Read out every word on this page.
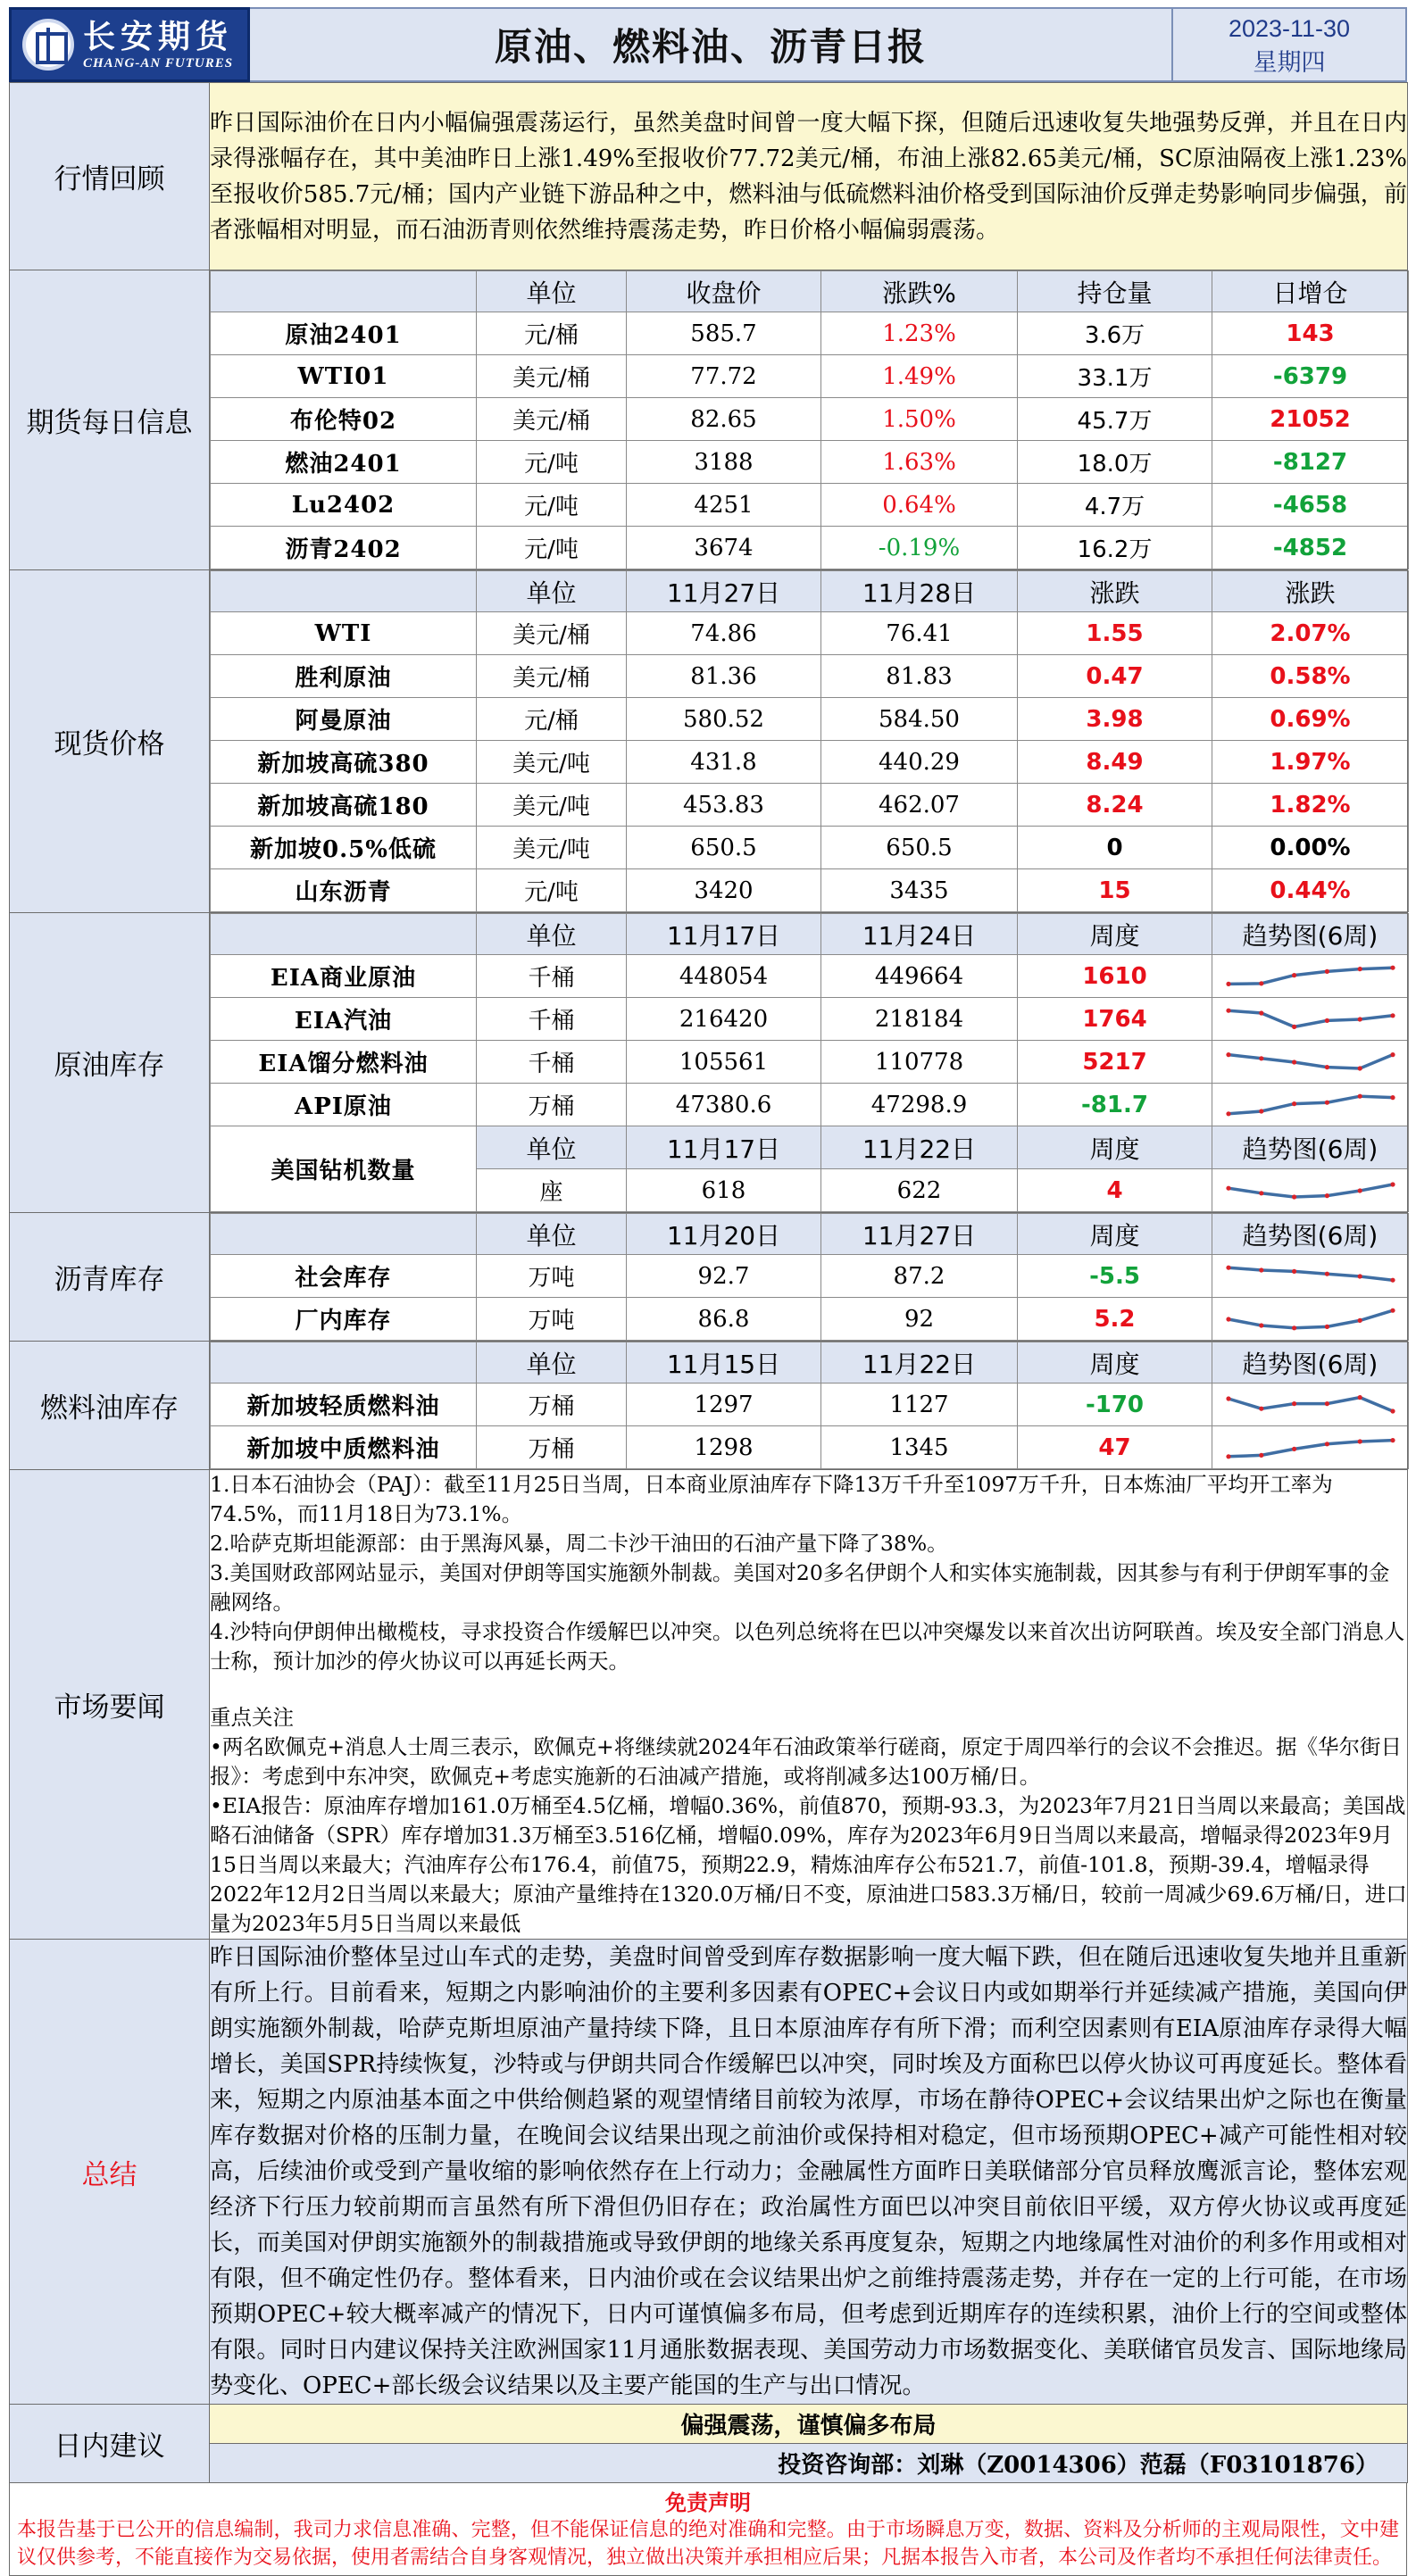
长安期货
CHANG-AN FUTURES	原油、燃料油、沥青日报	2023-11-30
星期四
行情回顾	昨日国际油价在日内小幅偏强震荡运行，虽然美盘时间曾一度大幅下探，但随后迅速收复失地强势反弹，并且在日内录得涨幅存在，其中美油昨日上涨1.49%至报收价77.72美元/桶，布油上涨82.65美元/桶，SC原油隔夜上涨1.23%至报收价585.7元/桶；国内产业链下游品种之中，燃料油与低硫燃料油价格受到国际油价反弹走势影响同步偏强，前者涨幅相对明显，而石油沥青则依然维持震荡走势，昨日价格小幅偏弱震荡。
期货每日信息	
	单位	收盘价	涨跌%	持仓量	日增仓
原油2401	元/桶	585.7	1.23%	3.6万	143
WTI01	美元/桶	77.72	1.49%	33.1万	-6379
布伦特02	美元/桶	82.65	1.50%	45.7万	21052
燃油2401	元/吨	3188	1.63%	18.0万	-8127
Lu2402	元/吨	4251	0.64%	4.7万	-4658
沥青2402	元/吨	3674	-0.19%	16.2万	-4852

现货价格	
	单位	11月27日	11月28日	涨跌	涨跌
WTI	美元/桶	74.86	76.41	1.55	2.07%
胜利原油	美元/桶	81.36	81.83	0.47	0.58%
阿曼原油	元/桶	580.52	584.50	3.98	0.69%
新加坡高硫380	美元/吨	431.8	440.29	8.49	1.97%
新加坡高硫180	美元/吨	453.83	462.07	8.24	1.82%
新加坡0.5%低硫	美元/吨	650.5	650.5	0	0.00%
山东沥青	元/吨	3420	3435	15	0.44%

原油库存	
	单位	11月17日	11月24日	周度	趋势图(6周)
EIA商业原油	千桶	448054	449664	1610	

EIA汽油	千桶	216420	218184	1764	

EIA馏分燃料油	千桶	105561	110778	5217	

API原油	万桶	47380.6	47298.9	-81.7	

美国钻机数量	单位	11月17日	11月22日	周度	趋势图(6周)
座	618	622	4	

沥青库存	
	单位	11月20日	11月27日	周度	趋势图(6周)
社会库存	万吨	92.7	87.2	-5.5	

厂内库存	万吨	86.8	92	5.2	

燃料油库存	
	单位	11月15日	11月22日	周度	趋势图(6周)
新加坡轻质燃料油	万桶	1297	1127	-170	

新加坡中质燃料油	万桶	1298	1345	47	

市场要闻	

1.日本石油协会（PAJ）：截至11月25日当周，日本商业原油库存下降13万千升至1097万千升，日本炼油厂平均开工率为74.5%，而11月18日为73.1%。

2.哈萨克斯坦能源部：由于黑海风暴，周二卡沙干油田的石油产量下降了38%。

3.美国财政部网站显示，美国对伊朗等国实施额外制裁。美国对20多名伊朗个人和实体实施制裁，因其参与有利于伊朗军事的金融网络。

4.沙特向伊朗伸出橄榄枝，寻求投资合作缓解巴以冲突。以色列总统将在巴以冲突爆发以来首次出访阿联酋。埃及安全部门消息人士称，预计加沙的停火协议可以再延长两天。

重点关注

•两名欧佩克+消息人士周三表示，欧佩克+将继续就2024年石油政策举行磋商，原定于周四举行的会议不会推迟。据《华尔街日报》：考虑到中东冲突，欧佩克+考虑实施新的石油减产措施，或将削减多达100万桶/日。

•EIA报告：原油库存增加161.0万桶至4.5亿桶，增幅0.36%，前值870，预期-93.3，为2023年7月21日当周以来最高；美国战略石油储备（SPR）库存增加31.3万桶至3.516亿桶，增幅0.09%，库存为2023年6月9日当周以来最高，增幅录得2023年9月15日当周以来最大；汽油库存公布176.4，前值75，预期22.9，精炼油库存公布521.7，前值-101.8，预期-39.4，增幅录得2022年12月2日当周以来最大；原油产量维持在1320.0万桶/日不变，原油进口583.3万桶/日，较前一周减少69.6万桶/日，进口量为2023年5月5日当周以来最低

总结	昨日国际油价整体呈过山车式的走势，美盘时间曾受到库存数据影响一度大幅下跌，但在随后迅速收复失地并且重新有所上行。目前看来，短期之内影响油价的主要利多因素有OPEC+会议日内或如期举行并延续减产措施，美国向伊朗实施额外制裁，哈萨克斯坦原油产量持续下降，且日本原油库存有所下滑；而利空因素则有EIA原油库存录得大幅增长，美国SPR持续恢复，沙特或与伊朗共同合作缓解巴以冲突，同时埃及方面称巴以停火协议可再度延长。整体看来，短期之内原油基本面之中供给侧趋紧的观望情绪目前较为浓厚，市场在静待OPEC+会议结果出炉之际也在衡量库存数据对价格的压制力量，在晚间会议结果出现之前油价或保持相对稳定，但市场预期OPEC+减产可能性相对较高，后续油价或受到产量收缩的影响依然存在上行动力；金融属性方面昨日美联储部分官员释放鹰派言论，整体宏观经济下行压力较前期而言虽然有所下滑但仍旧存在；政治属性方面巴以冲突目前依旧平缓，双方停火协议或再度延长，而美国对伊朗实施额外的制裁措施或导致伊朗的地缘关系再度复杂，短期之内地缘属性对油价的利多作用或相对有限，但不确定性仍存。整体看来，日内油价或在会议结果出炉之前维持震荡走势，并存在一定的上行可能，在市场预期OPEC+较大概率减产的情况下，日内可谨慎偏多布局，但考虑到近期库存的连续积累，油价上行的空间或整体有限。同时日内建议保持关注欧洲国家11月通胀数据表现、美国劳动力市场数据变化、美联储官员发言、国际地缘局势变化、OPEC+部长级会议结果以及主要产能国的生产与出口情况。
日内建议	偏强震荡，谨慎偏多布局
投资咨询部：刘琳（Z0014306）范磊（F03101876）
免责声明
本报告基于已公开的信息编制，我司力求信息准确、完整，但不能保证信息的绝对准确和完整。由于市场瞬息万变，数据、资料及分析师的主观局限性，文中建议仅供参考，不能直接作为交易依据，使用者需结合自身客观情况，独立做出决策并承担相应后果；凡据本报告入市者，本公司及作者均不承担任何法律责任。
